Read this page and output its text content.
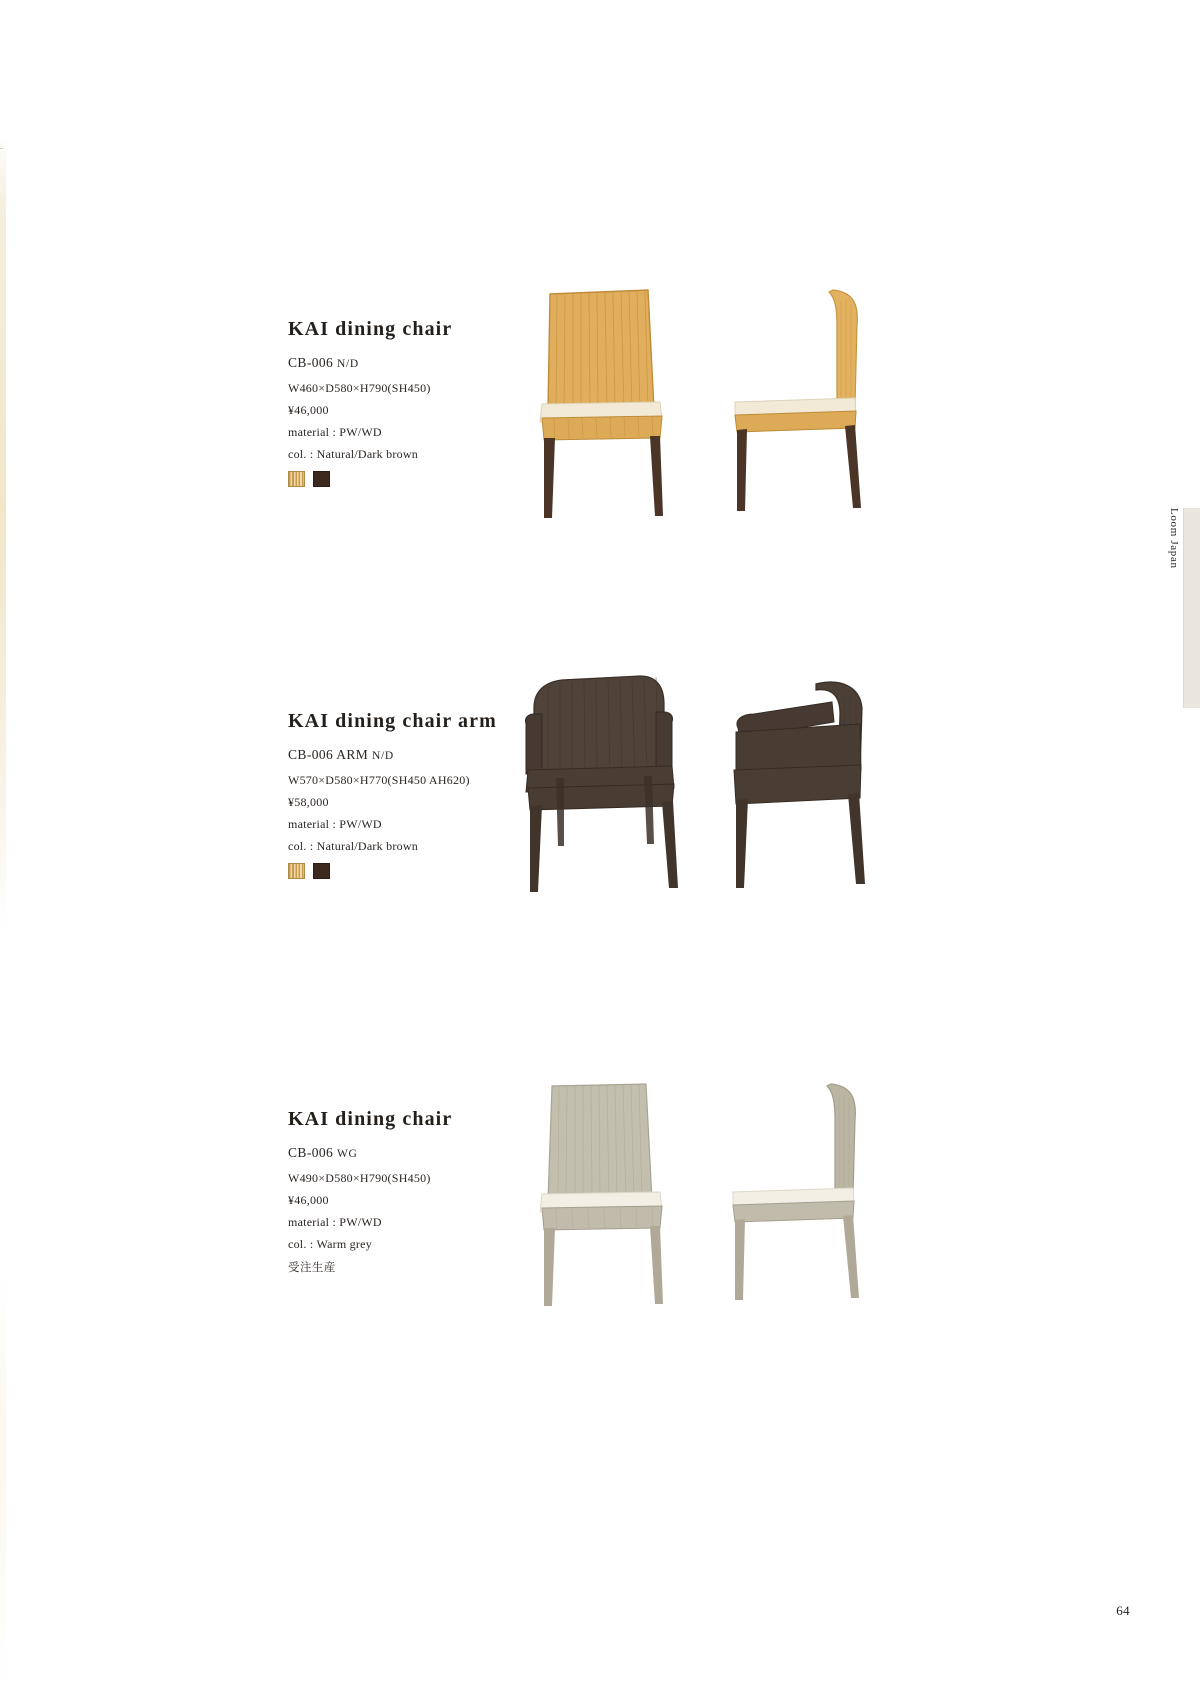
Loom Japan
KAI dining chair
CB-006 N/D
W460×D580×H790(SH450)
¥46,000
material : PW/WD
col. : Natural/Dark brown
KAI dining chair arm
CB-006 ARM N/D
W570×D580×H770(SH450 AH620)
¥58,000
material : PW/WD
col. : Natural/Dark brown
KAI dining chair
CB-006 WG
W490×D580×H790(SH450)
¥46,000
material : PW/WD
col. : Warm grey
受注生産
64
